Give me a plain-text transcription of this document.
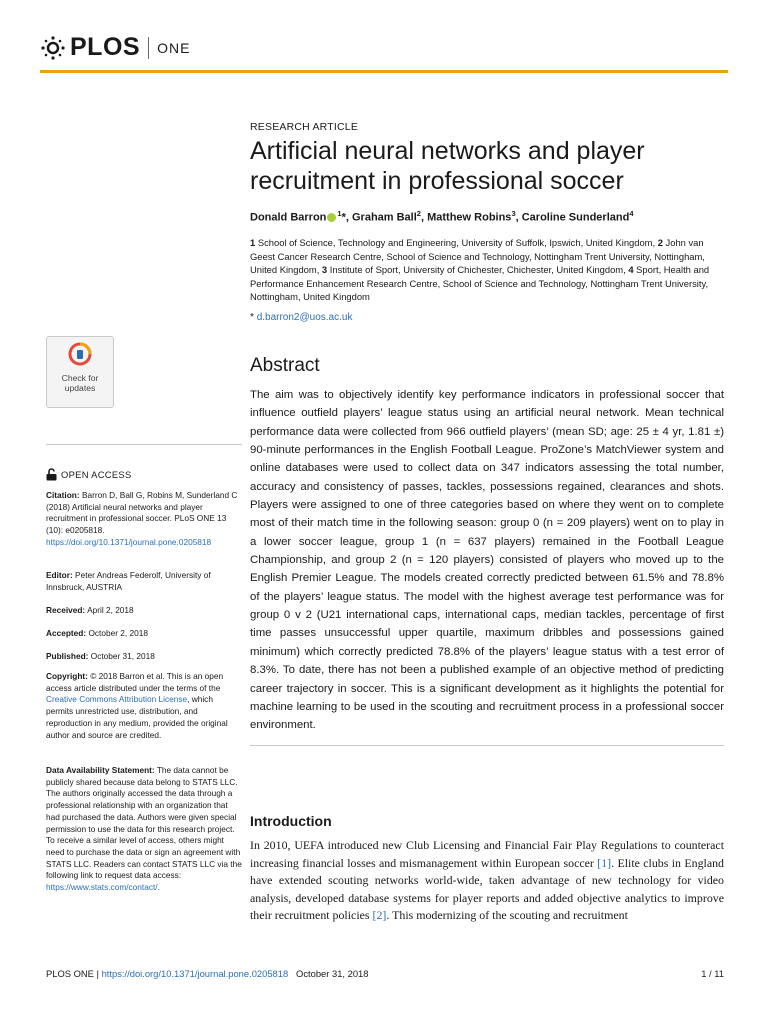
PLOS ONE
RESEARCH ARTICLE
Artificial neural networks and player recruitment in professional soccer
Donald Barron $^1$*, Graham Ball$^2$, Matthew Robins$^3$, Caroline Sunderland$^4$
1 School of Science, Technology and Engineering, University of Suffolk, Ipswich, United Kingdom, 2 John van Geest Cancer Research Centre, School of Science and Technology, Nottingham Trent University, Nottingham, United Kingdom, 3 Institute of Sport, University of Chichester, Chichester, United Kingdom, 4 Sport, Health and Performance Enhancement Research Centre, School of Science and Technology, Nottingham Trent University, Nottingham, United Kingdom
* d.barron2@uos.ac.uk
Abstract

The aim was to objectively identify key performance indicators in professional soccer that influence outfield players’ league status using an artificial neural network. Mean technical performance data were collected from 966 outfield players’ (mean SD; age: 25 ± 4 yr, 1.81 ±) 90-minute performances in the English Football League. ProZone’s MatchViewer system and online databases were used to collect data on 347 indicators assessing the total number, accuracy and consistency of passes, tackles, possessions regained, clearances and shots. Players were assigned to one of three categories based on where they went on to complete most of their match time in the following season: group 0 (n = 209 players) went on to play in a lower soccer league, group 1 (n = 637 players) remained in the Football League Championship, and group 2 (n = 120 players) consisted of players who moved up to the English Premier League. The models created correctly predicted between 61.5% and 78.8% of the players’ league status. The model with the highest average test performance was for group 0 v 2 (U21 international caps, international caps, median tackles, percentage of first time passes unsuccessful upper quartile, maximum dribbles and possessions gained minimum) which correctly predicted 78.8% of the players’ league status with a test error of 8.3%. To date, there has not been a published example of an objective method of predicting career trajectory in soccer. This is a significant development as it highlights the potential for machine learning to be used in the scouting and recruitment process in a professional soccer environment.

Introduction

In 2010, UEFA introduced new Club Licensing and Financial Fair Play Regulations to counteract increasing financial losses and mismanagement within European soccer [1]. Elite clubs in England have extended scouting networks world-wide, taken advantage of new technology for video analysis, developed database systems for player reports and added objective analytics to improve their recruitment policies [2]. This modernizing of the scouting and recruitment

Check for
updates
OPEN ACCESS

Citation: Barron D, Ball G, Robins M, Sunderland C (2018) Artificial neural networks and player recruitment in professional soccer. PLoS ONE 13 (10): e0205818. https://doi.org/10.1371/journal.pone.0205818

Editor: Peter Andreas Federolf, University of Innsbruck, AUSTRIA

Received: April 2, 2018

Accepted: October 2, 2018

Published: October 31, 2018

Copyright: © 2018 Barron et al. This is an open access article distributed under the terms of the Creative Commons Attribution License, which permits unrestricted use, distribution, and reproduction in any medium, provided the original author and source are credited.

Data Availability Statement: The data cannot be publicly shared because data belong to STATS LLC. The authors originally accessed the data through a professional relationship with an organization that had purchased the data. Authors were given special permission to use the data for this research project. To receive a similar level of access, others might need to purchase the data or sign an agreement with STATS LLC. Readers can contact STATS LLC via the following link to request data access: https://www.stats.com/contact/.

PLOS ONE | https://doi.org/10.1371/journal.pone.0205818 October 31, 2018	1 / 11
